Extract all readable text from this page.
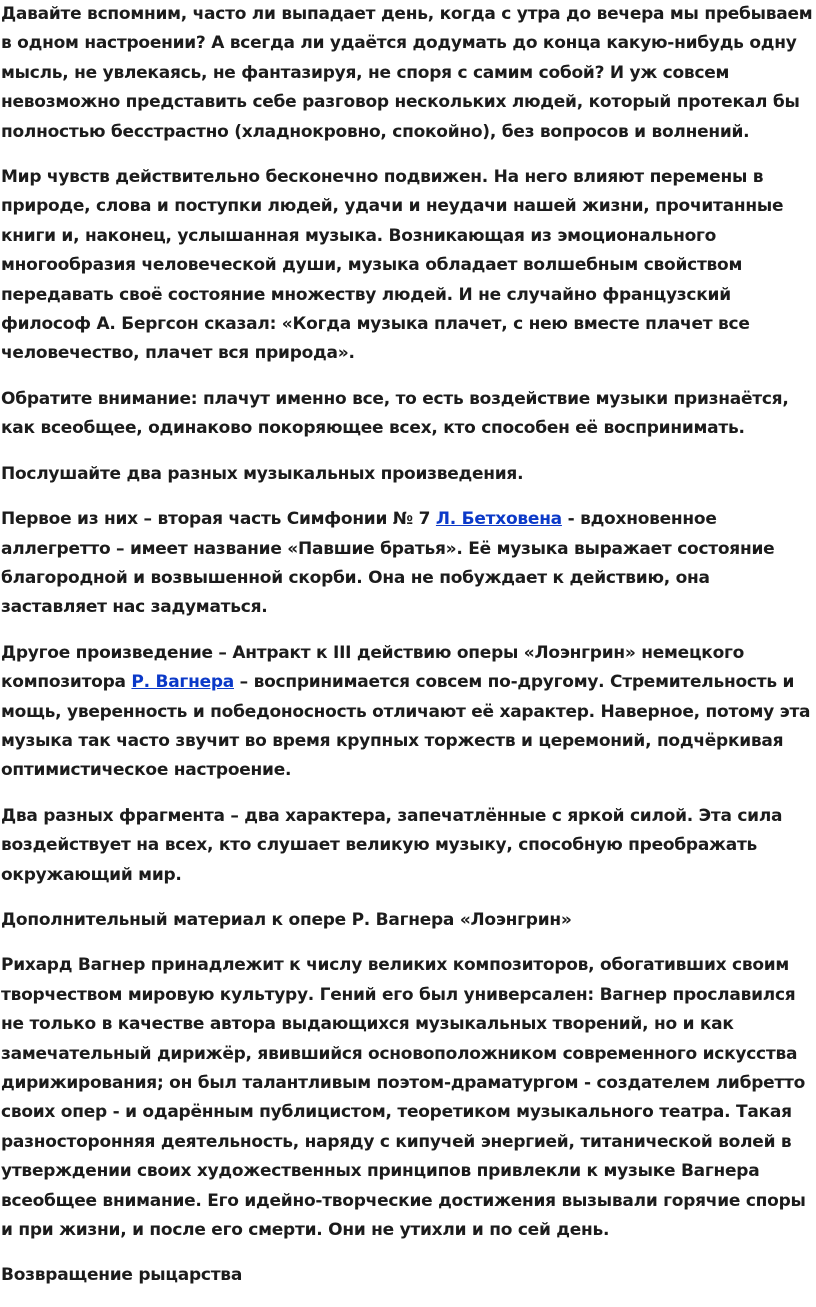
Давайте вспомним, часто ли выпадает день, когда с утра до вечера мы пребываем в одном настроении? А всегда ли удаётся додумать до конца какую-нибудь одну мысль, не увлекаясь, не фантазируя, не споря с самим собой? И уж совсем невозможно представить себе разговор нескольких людей, который протекал бы полностью бесстрастно (хладнокровно, спокойно), без вопросов и волнений.

Мир чувств действительно бесконечно подвижен. На него влияют перемены в природе, слова и поступки людей, удачи и неудачи нашей жизни, прочитанные книги и, наконец, услышанная музыка. Возникающая из эмоционального многообразия человеческой души, музыка обладает волшебным свойством передавать своё состояние множеству людей. И не случайно французский философ А. Бергсон сказал: «Когда музыка плачет, с нею вместе плачет все человечество, плачет вся природа».

Обратите внимание: плачут именно все, то есть воздействие музыки признаётся, как всеобщее, одинаково покоряющее всех, кто способен её воспринимать.

Послушайте два разных музыкальных произведения.

Первое из них – вторая часть Симфонии № 7 Л. Бетховена - вдохновенное аллегретто – имеет название «Павшие братья». Её музыка выражает состояние благородной и возвышенной скорби. Она не побуждает к действию, она заставляет нас задуматься.

Другое произведение – Антракт к III действию оперы «Лоэнгрин» немецкого композитора Р. Вагнера – воспринимается совсем по-другому. Стремительность и мощь, уверенность и победоносность отличают её характер. Наверное, потому эта музыка так часто звучит во время крупных торжеств и церемоний, подчёркивая оптимистическое настроение.

Два разных фрагмента – два характера, запечатлённые с яркой силой. Эта сила воздействует на всех, кто слушает великую музыку, способную преображать окружающий мир.

Дополнительный материал к опере Р. Вагнера «Лоэнгрин»

Рихард Вагнер принадлежит к числу великих композиторов, обогативших своим творчеством мировую культуру. Гений его был универсален: Вагнер прославился не только в качестве автора выдающихся музыкальных творений, но и как замечательный дирижёр, явившийся основоположником современного искусства дирижирования; он был талантливым поэтом-драматургом - создателем либретто своих опер - и одарённым публицистом, теоретиком музыкального театра. Такая разносторонняя деятельность, наряду с кипучей энергией, титанической волей в утверждении своих художественных принципов привлекли к музыке Вагнера всеобщее внимание. Его идейно-творческие достижения вызывали горячие споры и при жизни, и после его смерти. Они не утихли и по сей день.

Возвращение рыцарства
